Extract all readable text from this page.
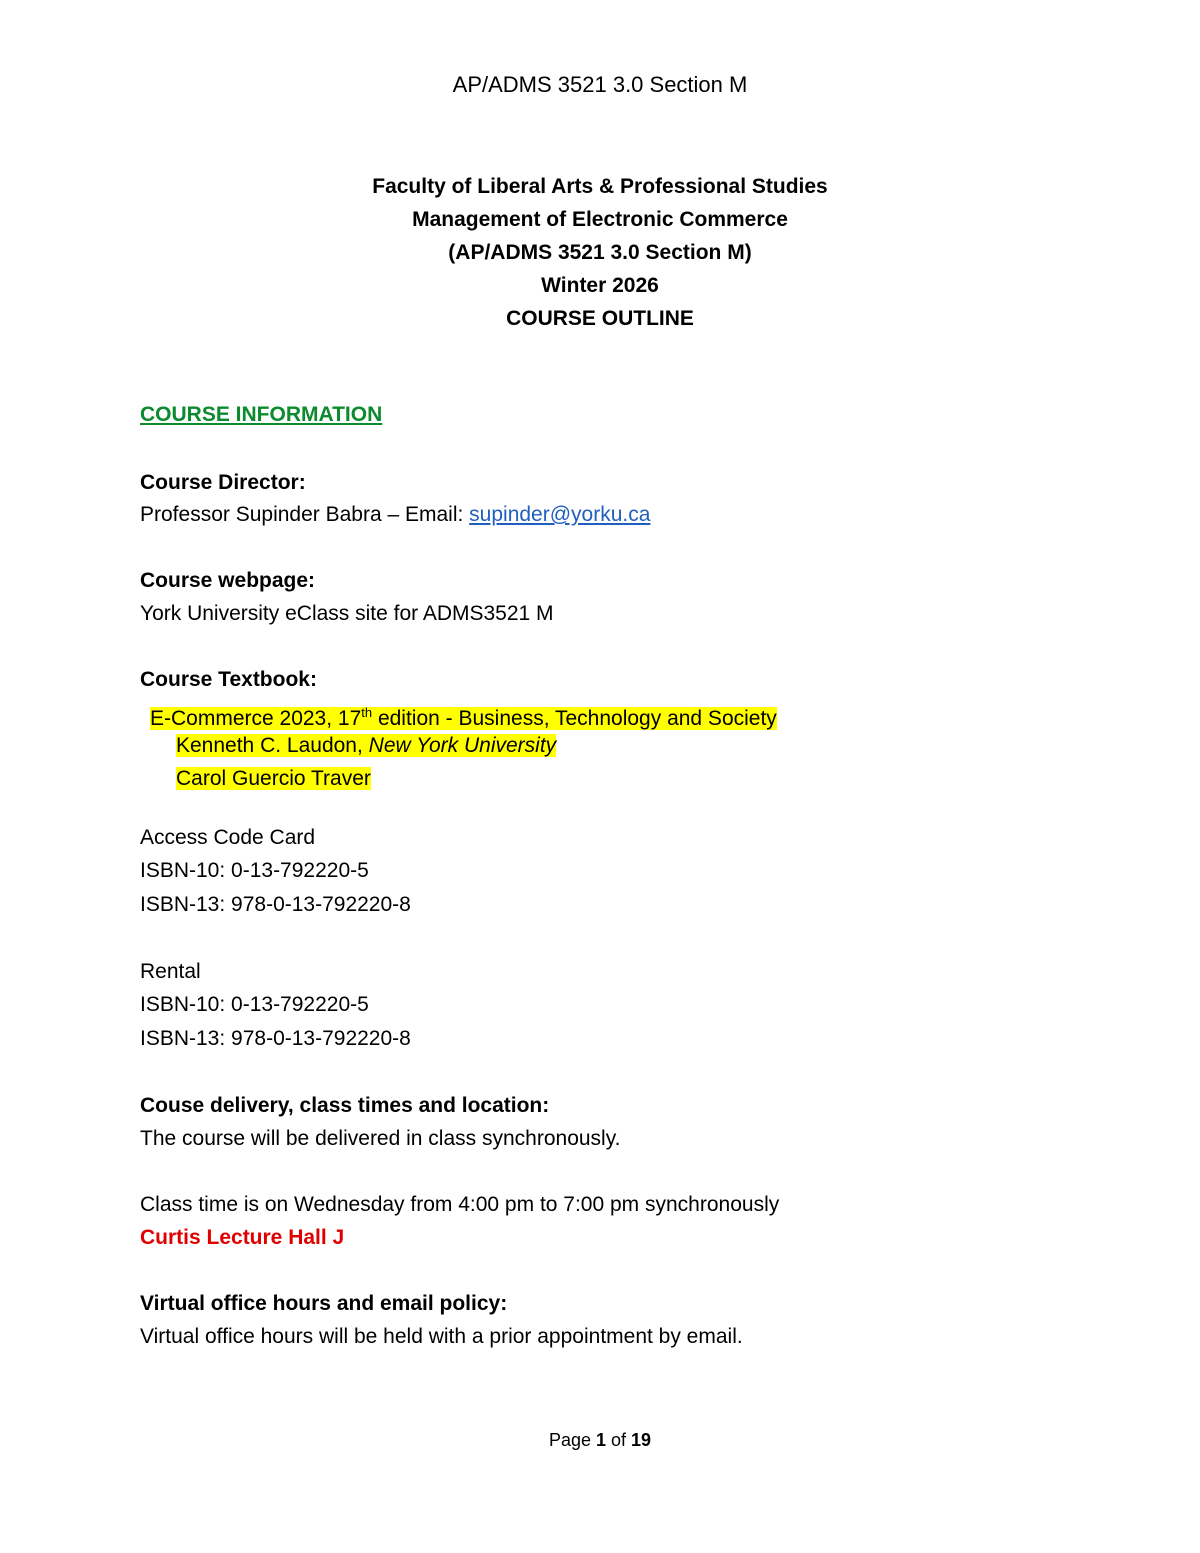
AP/ADMS 3521 3.0 Section M
Faculty of Liberal Arts & Professional Studies
Management of Electronic Commerce
(AP/ADMS 3521 3.0 Section M)
Winter 2026
COURSE OUTLINE
COURSE INFORMATION
Course Director:
Professor Supinder Babra – Email: supinder@yorku.ca
Course webpage:
York University eClass site for ADMS3521 M
Course Textbook:
E-Commerce 2023, 17th edition - Business, Technology and Society
Kenneth C. Laudon, New York University
Carol Guercio Traver
Access Code Card
ISBN-10: 0-13-792220-5
ISBN-13: 978-0-13-792220-8
Rental
ISBN-10: 0-13-792220-5
ISBN-13: 978-0-13-792220-8
Couse delivery, class times and location:
The course will be delivered in class synchronously.
Class time is on Wednesday from 4:00 pm to 7:00 pm synchronously
Curtis Lecture Hall J
Virtual office hours and email policy:
Virtual office hours will be held with a prior appointment by email.
Page 1 of 19
